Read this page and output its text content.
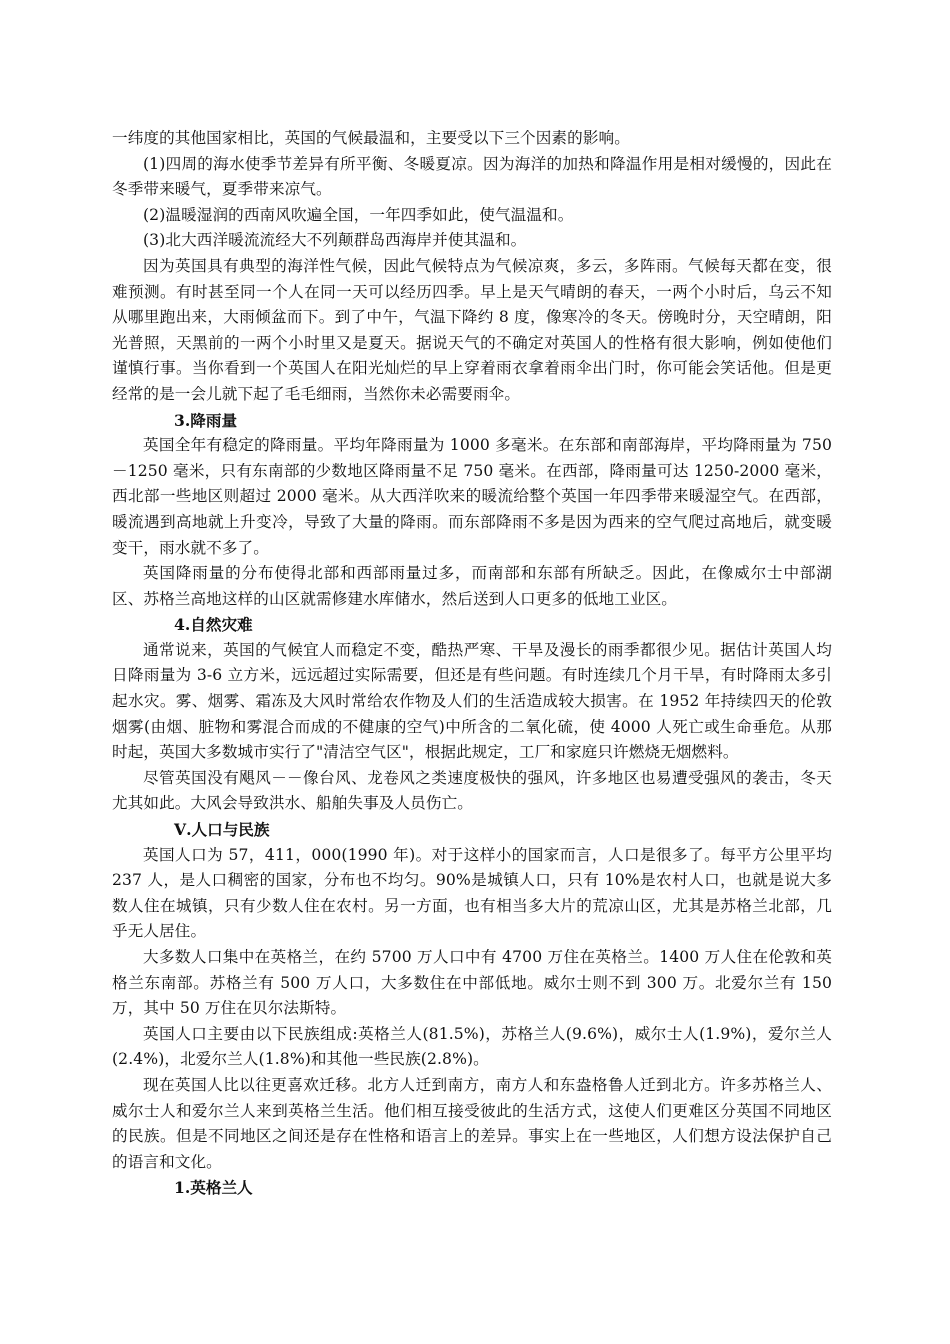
一纬度的其他国家相比，英国的气候最温和，主要受以下三个因素的影响。

(1)四周的海水使季节差异有所平衡、冬暖夏凉。因为海洋的加热和降温作用是相对缓慢的，因此在冬季带来暖气，夏季带来凉气。

(2)温暖湿润的西南风吹遍全国，一年四季如此，使气温温和。

(3)北大西洋暖流流经大不列颠群岛西海岸并使其温和。

因为英国具有典型的海洋性气候，因此气候特点为气候凉爽，多云，多阵雨。气候每天都在变，很难预测。有时甚至同一个人在同一天可以经历四季。早上是天气晴朗的春天，一两个小时后，乌云不知从哪里跑出来，大雨倾盆而下。到了中午，气温下降约 8 度，像寒冷的冬天。傍晚时分，天空晴朗，阳光普照，天黑前的一两个小时里又是夏天。据说天气的不确定对英国人的性格有很大影响，例如使他们谨慎行事。当你看到一个英国人在阳光灿烂的早上穿着雨衣拿着雨伞出门时，你可能会笑话他。但是更经常的是一会儿就下起了毛毛细雨，当然你未必需要雨伞。

3.降雨量

英国全年有稳定的降雨量。平均年降雨量为 1000 多毫米。在东部和南部海岸，平均降雨量为 750－1250 毫米，只有东南部的少数地区降雨量不足 750 毫米。在西部，降雨量可达 1250-2000 毫米，西北部一些地区则超过 2000 毫米。从大西洋吹来的暖流给整个英国一年四季带来暖湿空气。在西部，暖流遇到高地就上升变冷，导致了大量的降雨。而东部降雨不多是因为西来的空气爬过高地后，就变暖变干，雨水就不多了。

英国降雨量的分布使得北部和西部雨量过多，而南部和东部有所缺乏。因此，在像威尔士中部湖区、苏格兰高地这样的山区就需修建水库储水，然后送到人口更多的低地工业区。

4.自然灾难

通常说来，英国的气候宜人而稳定不变，酷热严寒、干旱及漫长的雨季都很少见。据估计英国人均日降雨量为 3-6 立方米，远远超过实际需要，但还是有些问题。有时连续几个月干旱，有时降雨太多引起水灾。雾、烟雾、霜冻及大风时常给农作物及人们的生活造成较大损害。在 1952 年持续四天的伦敦烟雾(由烟、脏物和雾混合而成的不健康的空气)中所含的二氧化硫，使 4000 人死亡或生命垂危。从那时起，英国大多数城市实行了"清洁空气区"，根据此规定，工厂和家庭只许燃烧无烟燃料。

尽管英国没有飓风－－像台风、龙卷风之类速度极快的强风，许多地区也易遭受强风的袭击，冬天尤其如此。大风会导致洪水、船舶失事及人员伤亡。

Ⅴ.人口与民族

英国人口为 57，411，000(1990 年)。对于这样小的国家而言，人口是很多了。每平方公里平均 237 人，是人口稠密的国家，分布也不均匀。90%是城镇人口，只有 10%是农村人口，也就是说大多数人住在城镇，只有少数人住在农村。另一方面，也有相当多大片的荒凉山区，尤其是苏格兰北部，几乎无人居住。

大多数人口集中在英格兰，在约 5700 万人口中有 4700 万住在英格兰。1400 万人住在伦敦和英格兰东南部。苏格兰有 500 万人口，大多数住在中部低地。威尔士则不到 300 万。北爱尔兰有 150 万，其中 50 万住在贝尔法斯特。

英国人口主要由以下民族组成:英格兰人(81.5%)，苏格兰人(9.6%)，威尔士人(1.9%)，爱尔兰人(2.4%)，北爱尔兰人(1.8%)和其他一些民族(2.8%)。

现在英国人比以往更喜欢迁移。北方人迁到南方，南方人和东盎格鲁人迁到北方。许多苏格兰人、威尔士人和爱尔兰人来到英格兰生活。他们相互接受彼此的生活方式，这使人们更难区分英国不同地区的民族。但是不同地区之间还是存在性格和语言上的差异。事实上在一些地区，人们想方设法保护自己的语言和文化。

1.英格兰人
